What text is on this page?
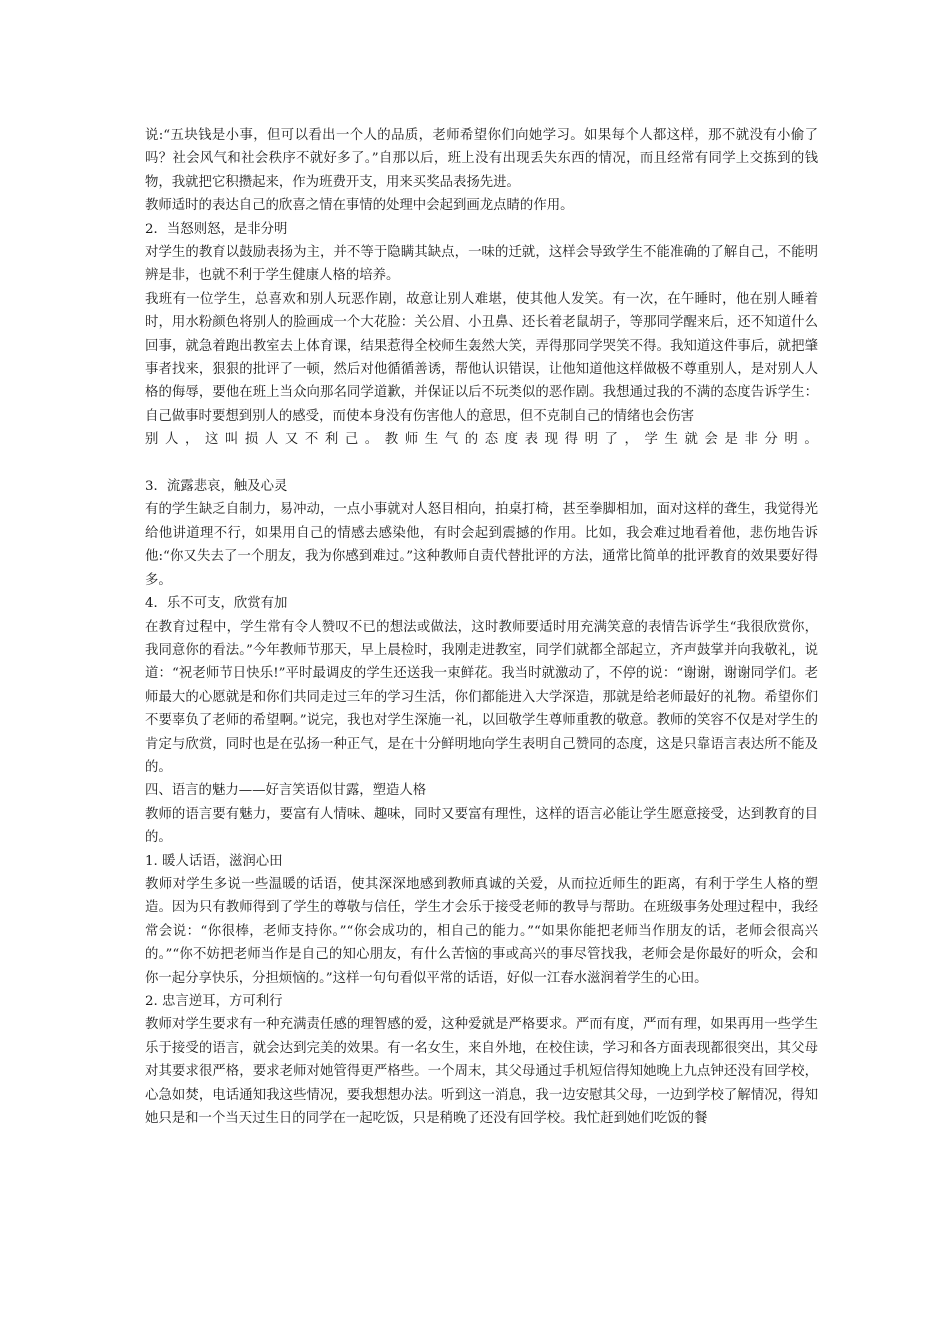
说:“五块钱是小事，但可以看出一个人的品质，老师希望你们向她学习。如果每个人都这样，那不就没有小偷了吗？社会风气和社会秩序不就好多了。”自那以后，班上没有出现丢失东西的情况，而且经常有同学上交拣到的钱物，我就把它积攒起来，作为班费开支，用来买奖品表扬先进。

教师适时的表达自己的欣喜之情在事情的处理中会起到画龙点睛的作用。

2．当怒则怒，是非分明

对学生的教育以鼓励表扬为主，并不等于隐瞒其缺点，一味的迁就，这样会导致学生不能准确的了解自己，不能明辨是非，也就不利于学生健康人格的培养。

我班有一位学生，总喜欢和别人玩恶作剧，故意让别人难堪，使其他人发笑。有一次，在午睡时，他在别人睡着时，用水粉颜色将别人的脸画成一个大花脸：关公眉、小丑鼻、还长着老鼠胡子，等那同学醒来后，还不知道什么回事，就急着跑出教室去上体育课，结果惹得全校师生轰然大笑，弄得那同学哭笑不得。我知道这件事后，就把肇事者找来，狠狠的批评了一顿，然后对他循循善诱，帮他认识错误，让他知道他这样做极不尊重别人，是对别人人格的侮辱，要他在班上当众向那名同学道歉，并保证以后不玩类似的恶作剧。我想通过我的不满的态度告诉学生：自己做事时要想到别人的感受，而使本身没有伤害他人的意思，但不克制自己的情绪也会伤害

别人，这叫损人又不利己。教师生气的态度表现得明了，学生就会是非分明。

3．流露悲哀，触及心灵

有的学生缺乏自制力，易冲动，一点小事就对人怒目相向，拍桌打椅，甚至拳脚相加，面对这样的聋生，我觉得光给他讲道理不行，如果用自己的情感去感染他，有时会起到震撼的作用。比如，我会难过地看着他，悲伤地告诉他:“你又失去了一个朋友，我为你感到难过。”这种教师自责代替批评的方法，通常比简单的批评教育的效果要好得多。

4．乐不可支，欣赏有加

在教育过程中，学生常有令人赞叹不已的想法或做法，这时教师要适时用充满笑意的表情告诉学生“我很欣赏你，我同意你的看法。”今年教师节那天，早上晨检时，我刚走进教室，同学们就都全部起立，齐声鼓掌并向我敬礼，说道：“祝老师节日快乐!”平时最调皮的学生还送我一束鲜花。我当时就激动了，不停的说：“谢谢，谢谢同学们。老师最大的心愿就是和你们共同走过三年的学习生活，你们都能进入大学深造，那就是给老师最好的礼物。希望你们不要辜负了老师的希望啊。”说完，我也对学生深施一礼，以回敬学生尊师重教的敬意。教师的笑容不仅是对学生的肯定与欣赏，同时也是在弘扬一种正气，是在十分鲜明地向学生表明自己赞同的态度，这是只靠语言表达所不能及的。

四、语言的魅力——好言笑语似甘露，塑造人格

教师的语言要有魅力，要富有人情味、趣味，同时又要富有理性，这样的语言必能让学生愿意接受，达到教育的目的。

1. 暖人话语，滋润心田

教师对学生多说一些温暖的话语，使其深深地感到教师真诚的关爱，从而拉近师生的距离，有利于学生人格的塑造。因为只有教师得到了学生的尊敬与信任，学生才会乐于接受老师的教导与帮助。在班级事务处理过程中，我经常会说：“你很棒，老师支持你。”“你会成功的，相自己的能力。”“如果你能把老师当作朋友的话，老师会很高兴的。”“你不妨把老师当作是自己的知心朋友，有什么苦恼的事或高兴的事尽管找我，老师会是你最好的听众，会和你一起分享快乐，分担烦恼的。”这样一句句看似平常的话语，好似一江春水滋润着学生的心田。

2. 忠言逆耳，方可利行

教师对学生要求有一种充满责任感的理智感的爱，这种爱就是严格要求。严而有度，严而有理，如果再用一些学生乐于接受的语言，就会达到完美的效果。有一名女生，来自外地，在校住读，学习和各方面表现都很突出，其父母对其要求很严格，要求老师对她管得更严格些。一个周末，其父母通过手机短信得知她晚上九点钟还没有回学校，心急如焚，电话通知我这些情况，要我想想办法。听到这一消息，我一边安慰其父母，一边到学校了解情况，得知她只是和一个当天过生日的同学在一起吃饭，只是稍晚了还没有回学校。我忙赶到她们吃饭的餐
